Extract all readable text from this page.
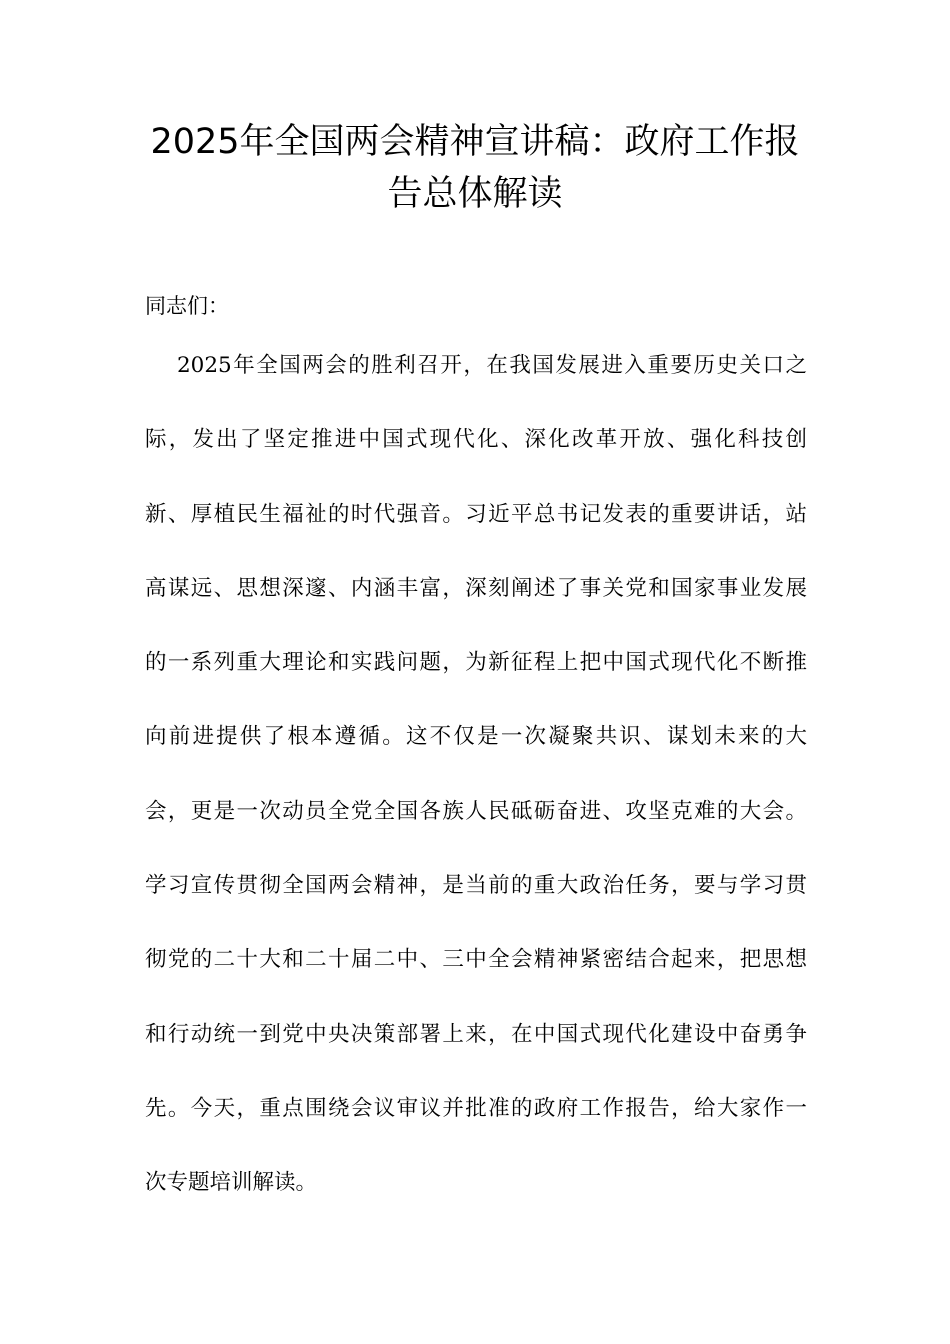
2025年全国两会精神宣讲稿：政府工作报
告总体解读
同志们：
2025年全国两会的胜利召开，在我国发展进入重要历史关口之
际，发出了坚定推进中国式现代化、深化改革开放、强化科技创
新、厚植民生福祉的时代强音。习近平总书记发表的重要讲话，站
高谋远、思想深邃、内涵丰富，深刻阐述了事关党和国家事业发展
的一系列重大理论和实践问题，为新征程上把中国式现代化不断推
向前进提供了根本遵循。这不仅是一次凝聚共识、谋划未来的大
会，更是一次动员全党全国各族人民砥砺奋进、攻坚克难的大会。
学习宣传贯彻全国两会精神，是当前的重大政治任务，要与学习贯
彻党的二十大和二十届二中、三中全会精神紧密结合起来，把思想
和行动统一到党中央决策部署上来，在中国式现代化建设中奋勇争
先。今天，重点围绕会议审议并批准的政府工作报告，给大家作一
次专题培训解读。
